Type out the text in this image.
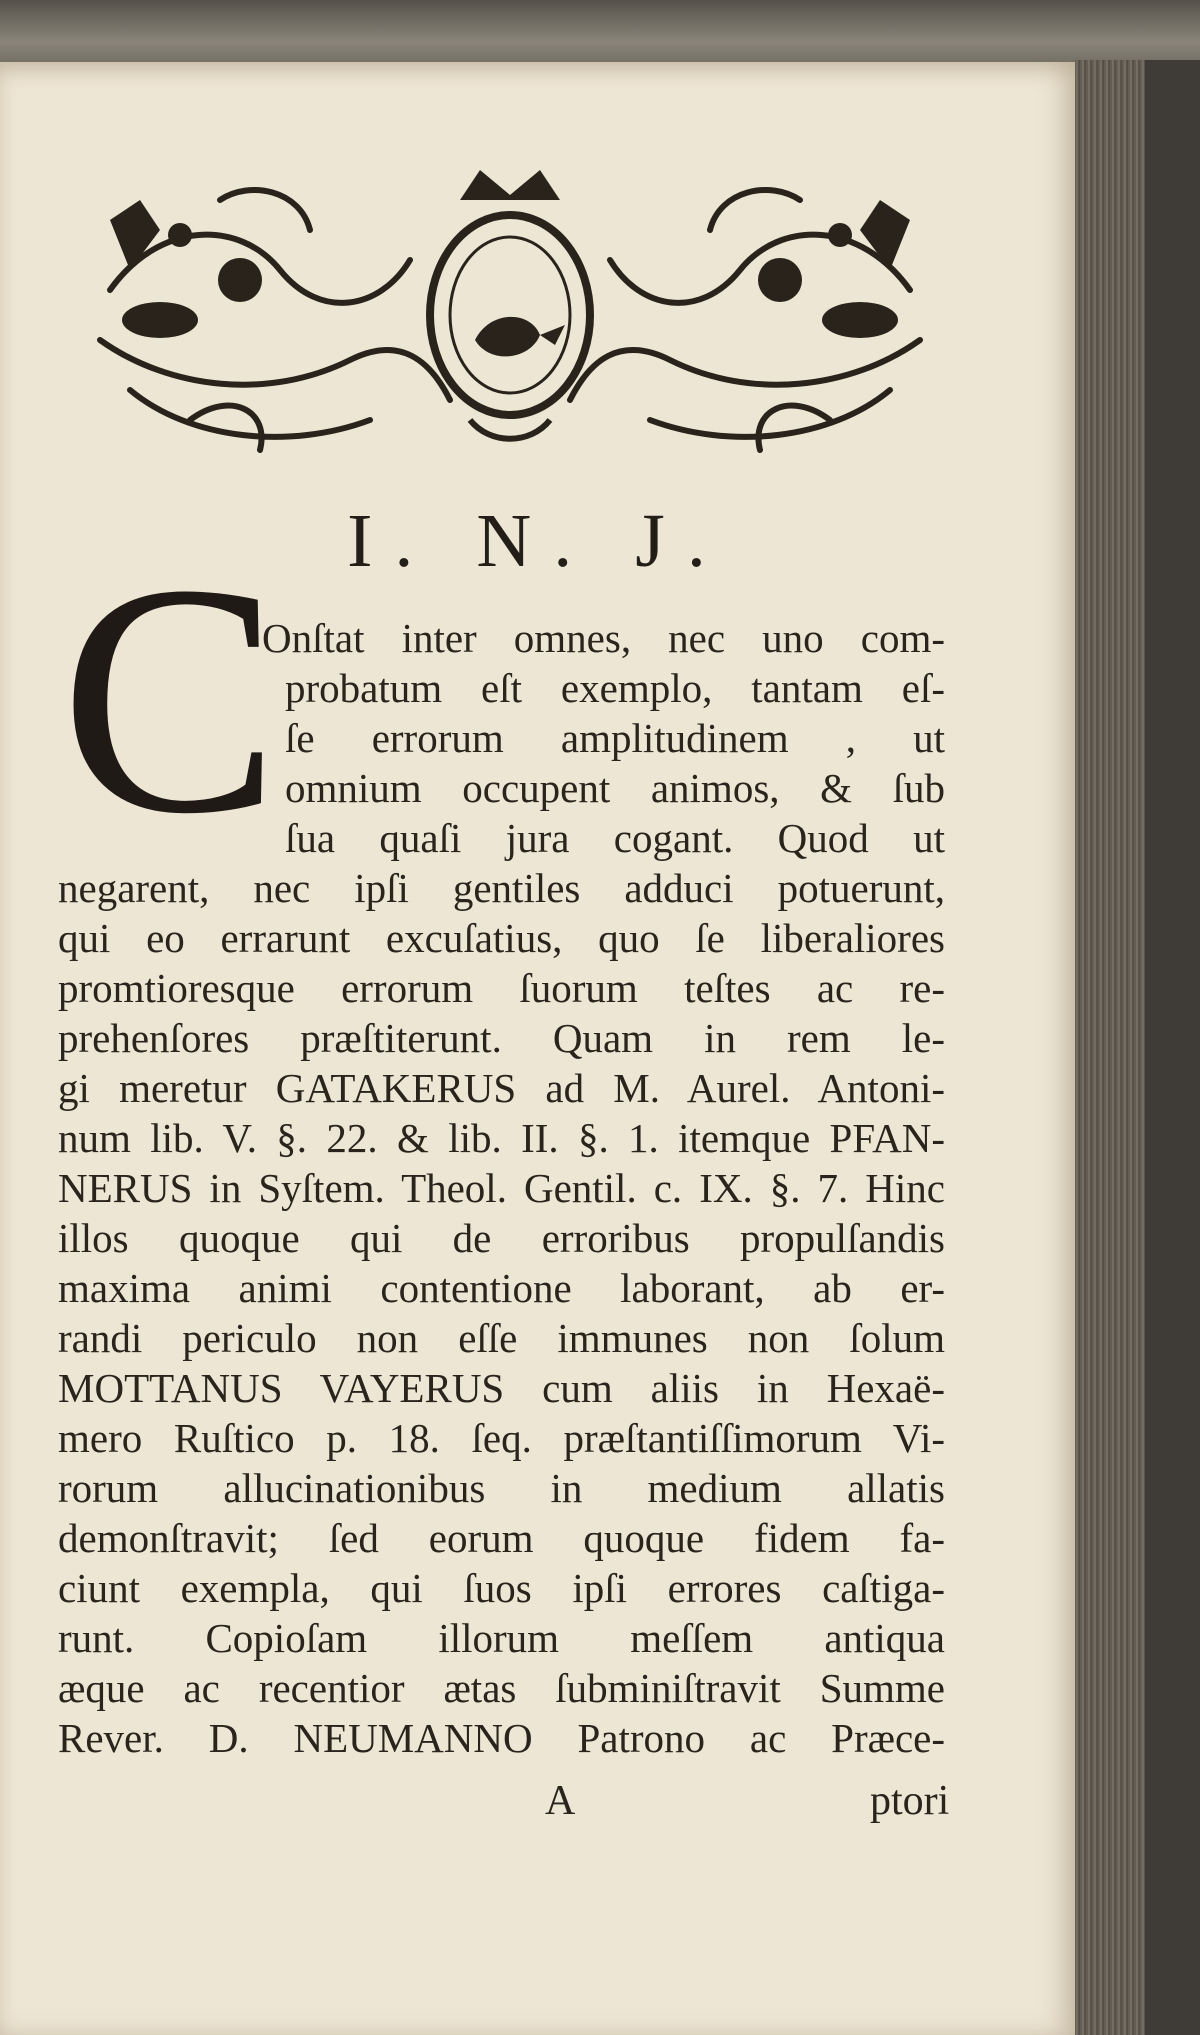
I. N. J.
C
Onſtat inter omnes, nec uno com-
probatum eſt exemplo, tantam eſ-
ſe errorum amplitudinem , ut
omnium occupent animos, & ſub
ſua quaſi jura cogant. Quod ut
negarent, nec ipſi gentiles adduci potuerunt,
qui eo errarunt excuſatius, quo ſe liberaliores
promtioresque errorum ſuorum teſtes ac re-
prehenſores præſtiterunt. Quam in rem le-
gi meretur GATAKERUS ad M. Aurel. Antoni-
num lib. V. §. 22. & lib. II. §. 1. itemque PFAN-
NERUS in Syſtem. Theol. Gentil. c. IX. §. 7. Hinc
illos quoque qui de erroribus propulſandis
maxima animi contentione laborant, ab er-
randi periculo non eſſe immunes non ſolum
MOTTANUS VAYERUS cum aliis in Hexaë-
mero Ruſtico p. 18. ſeq. præſtantiſſimorum Vi-
rorum allucinationibus in medium allatis
demonſtravit; ſed eorum quoque fidem fa-
ciunt exempla, qui ſuos ipſi errores caſtiga-
runt. Copioſam illorum meſſem antiqua
æque ac recentior ætas ſubminiſtravit Summe
Rever. D. NEUMANNO Patrono ac Præce-
A	ptori
